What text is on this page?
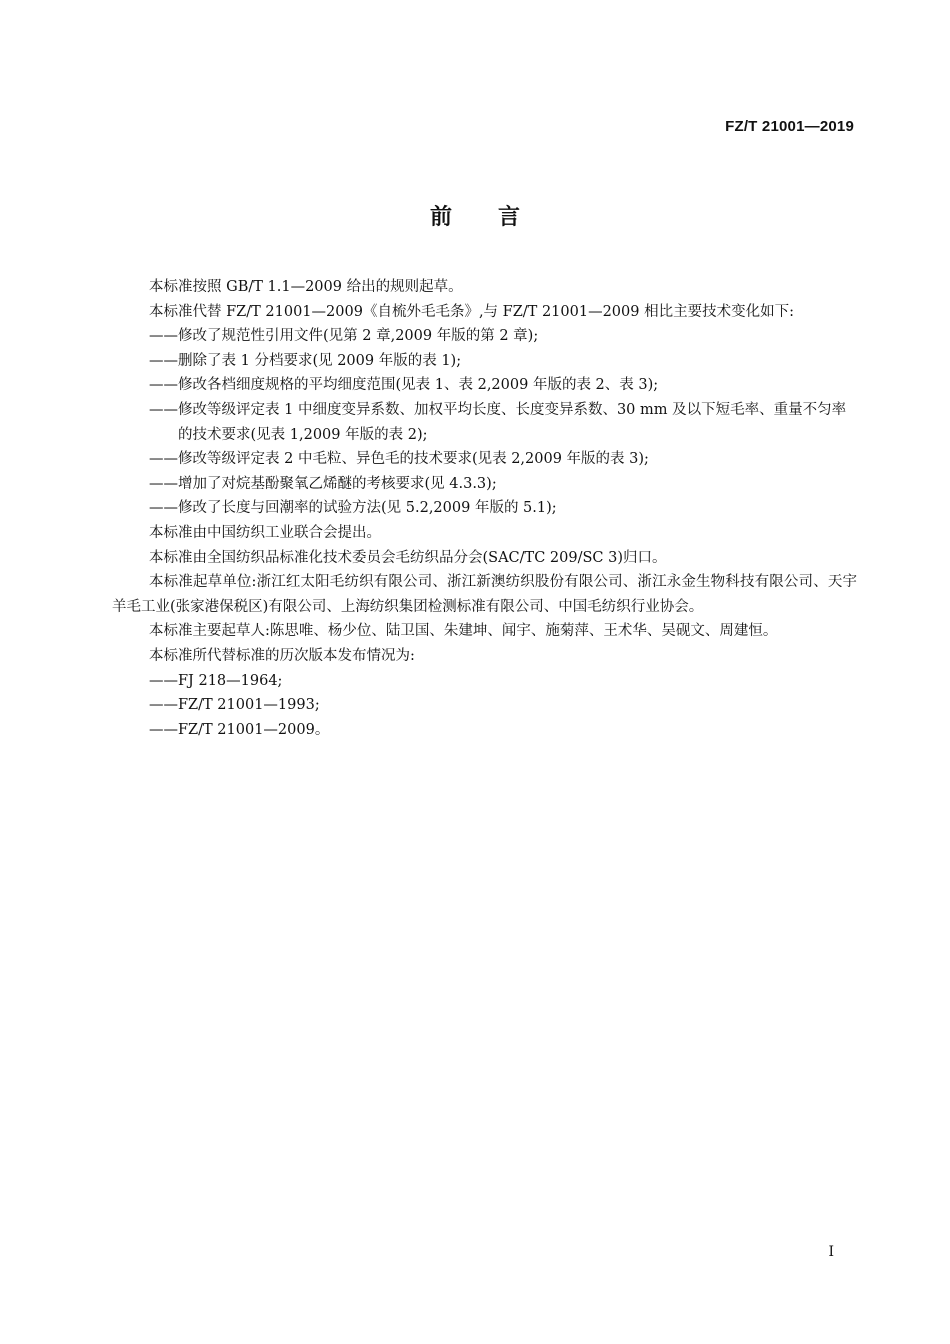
FZ/T 21001—2019
前言

本标准按照 GB/T 1.1—2009 给出的规则起草。

本标准代替 FZ/T 21001—2009《自梳外毛毛条》,与 FZ/T 21001—2009 相比主要技术变化如下:

——修改了规范性引用文件(见第 2 章,2009 年版的第 2 章);

——删除了表 1 分档要求(见 2009 年版的表 1);

——修改各档细度规格的平均细度范围(见表 1、表 2,2009 年版的表 2、表 3);

——修改等级评定表 1 中细度变异系数、加权平均长度、长度变异系数、30 mm 及以下短毛率、重量不匀率的技术要求(见表 1,2009 年版的表 2);

——修改等级评定表 2 中毛粒、异色毛的技术要求(见表 2,2009 年版的表 3);

——增加了对烷基酚聚氧乙烯醚的考核要求(见 4.3.3);

——修改了长度与回潮率的试验方法(见 5.2,2009 年版的 5.1);

本标准由中国纺织工业联合会提出。

本标准由全国纺织品标准化技术委员会毛纺织品分会(SAC/TC 209/SC 3)归口。

本标准起草单位:浙江红太阳毛纺织有限公司、浙江新澳纺织股份有限公司、浙江永金生物科技有限公司、天宇羊毛工业(张家港保税区)有限公司、上海纺织集团检测标准有限公司、中国毛纺织行业协会。

本标准主要起草人:陈思唯、杨少位、陆卫国、朱建坤、闻宇、施菊萍、王术华、吴砚文、周建恒。

本标准所代替标准的历次版本发布情况为:

——FJ 218—1964;

——FZ/T 21001—1993;

——FZ/T 21001—2009。

I
